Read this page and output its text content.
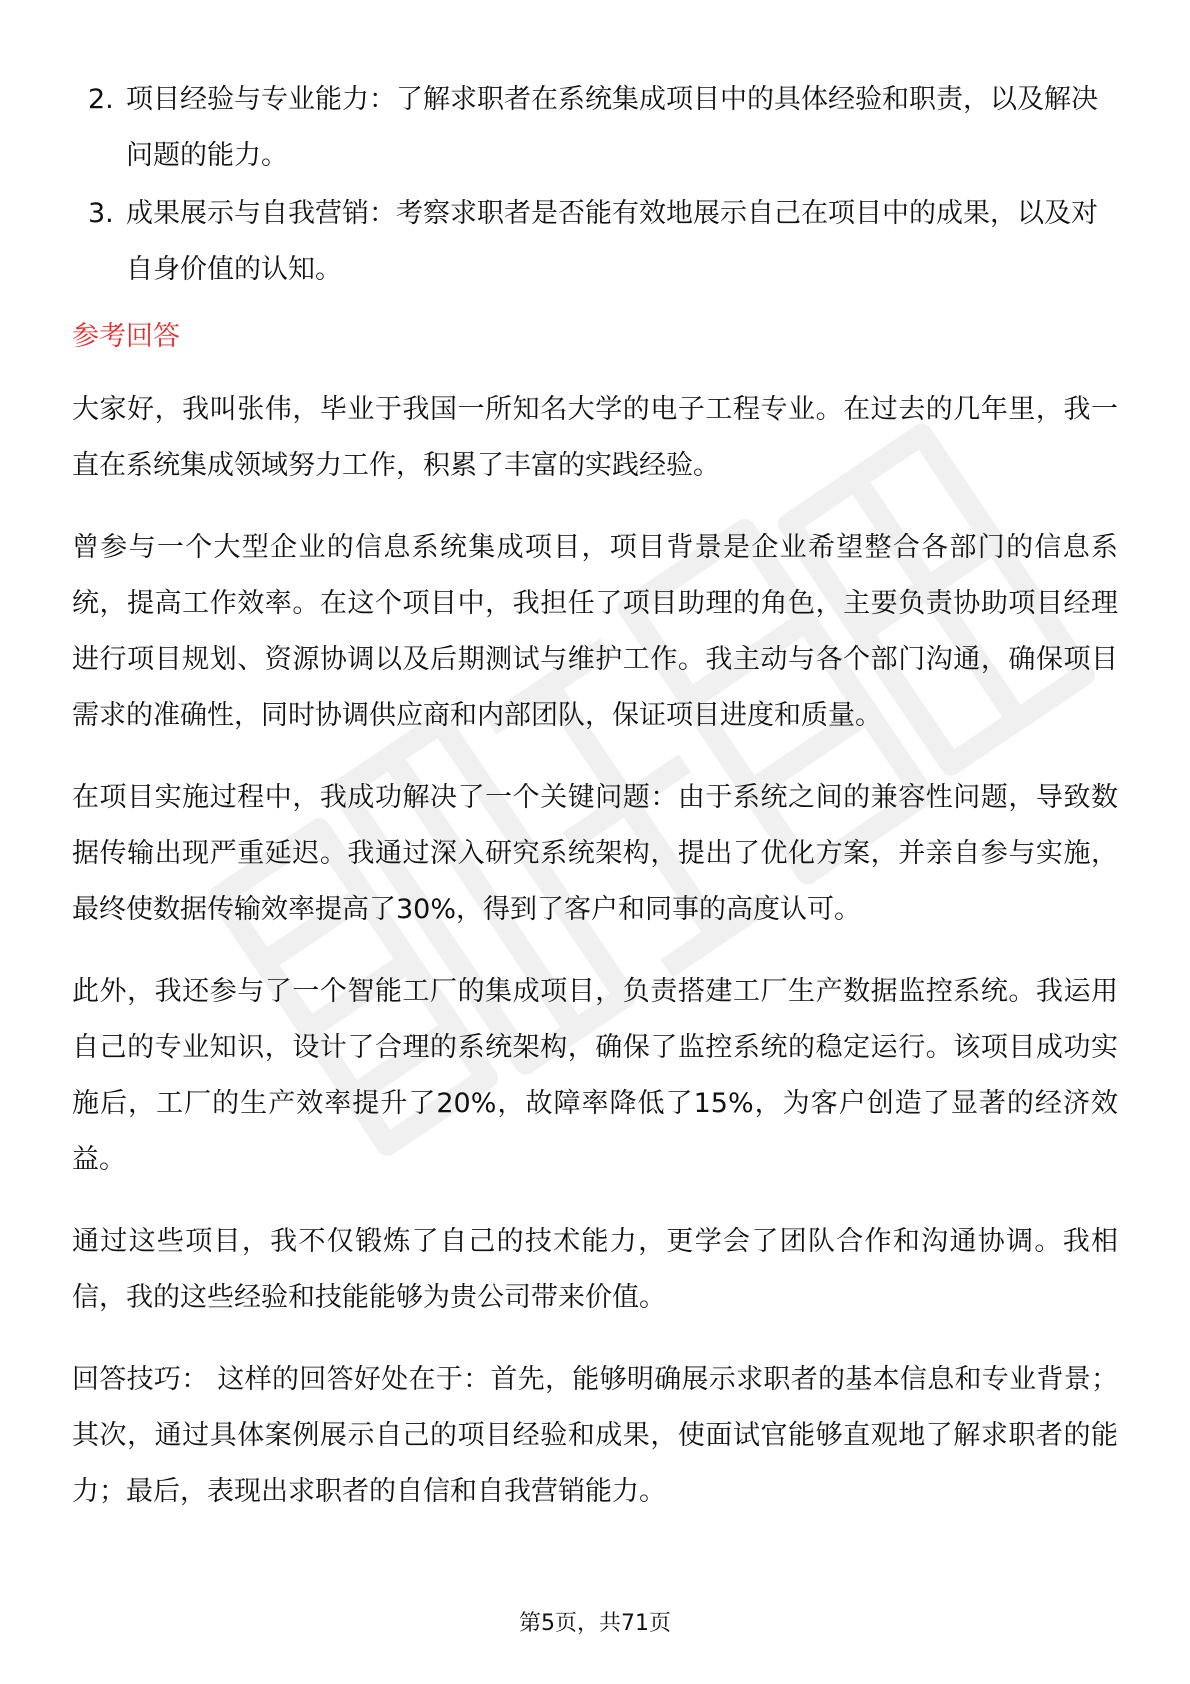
2. 项目经验与专业能力：了解求职者在系统集成项目中的具体经验和职责，以及解决问题的能力。
3. 成果展示与自我营销：考察求职者是否能有效地展示自己在项目中的成果，以及对自身价值的认知。
参考回答

大家好，我叫张伟，毕业于我国一所知名大学的电子工程专业。在过去的几年里，我一直在系统集成领域努力工作，积累了丰富的实践经验。

曾参与一个大型企业的信息系统集成项目，项目背景是企业希望整合各部门的信息系统，提高工作效率。在这个项目中，我担任了项目助理的角色，主要负责协助项目经理进行项目规划、资源协调以及后期测试与维护工作。我主动与各个部门沟通，确保项目需求的准确性，同时协调供应商和内部团队，保证项目进度和质量。

在项目实施过程中，我成功解决了一个关键问题：由于系统之间的兼容性问题，导致数据传输出现严重延迟。我通过深入研究系统架构，提出了优化方案，并亲自参与实施，最终使数据传输效率提高了30%，得到了客户和同事的高度认可。

此外，我还参与了一个智能工厂的集成项目，负责搭建工厂生产数据监控系统。我运用自己的专业知识，设计了合理的系统架构，确保了监控系统的稳定运行。该项目成功实施后，工厂的生产效率提升了20%，故障率降低了15%，为客户创造了显著的经济效益。

通过这些项目，我不仅锻炼了自己的技术能力，更学会了团队合作和沟通协调。我相信，我的这些经验和技能能够为贵公司带来价值。

回答技巧： 这样的回答好处在于：首先，能够明确展示求职者的基本信息和专业背景；其次，通过具体案例展示自己的项目经验和成果，使面试官能够直观地了解求职者的能力；最后，表现出求职者的自信和自我营销能力。

第5页，共71页
